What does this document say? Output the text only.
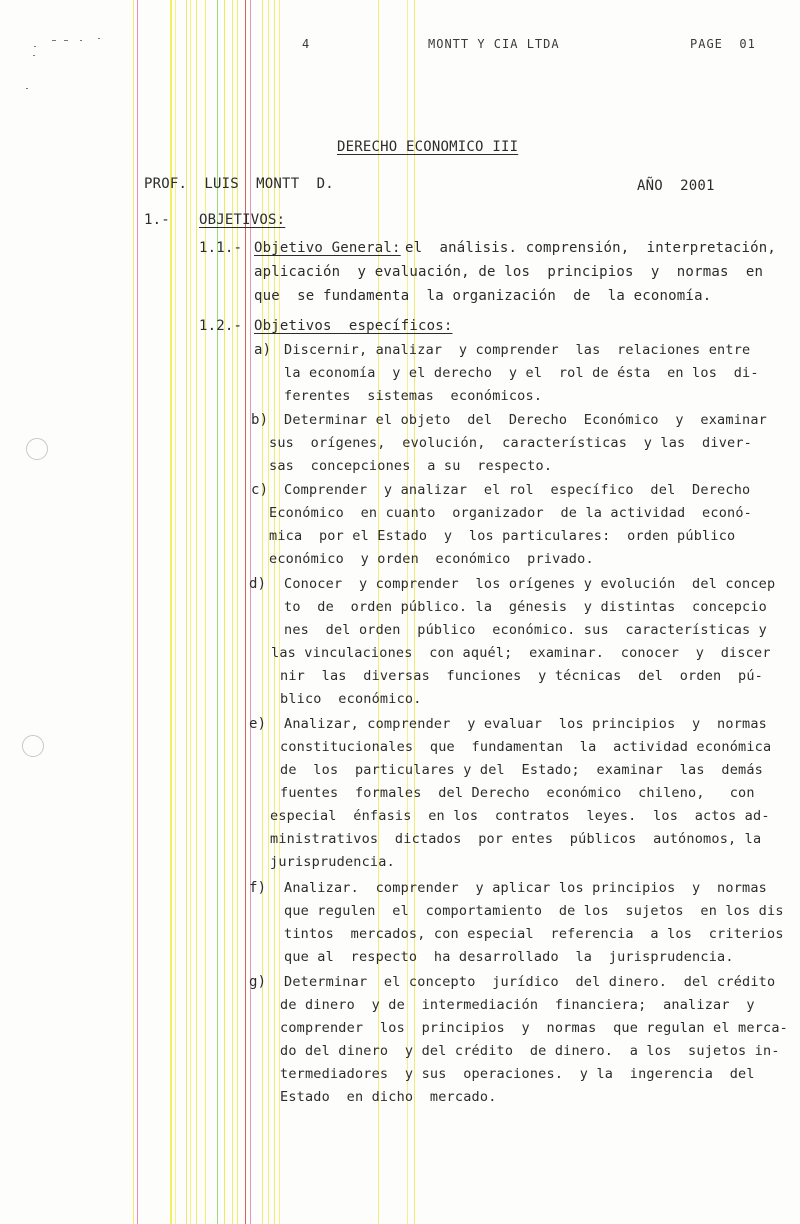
4	MONTT Y CIA LTDA	PAGE  01
DERECHO ECONOMICO III
PROF.  LUIS  MONTT  D.	AÑO  2001
1.- OBJETIVOS:
1.1.- Objetivo General: el  análisis. comprensión,  interpretación,
aplicación  y evaluación, de los  principios  y  normas  en
que  se fundamenta  la organización  de  la economía.
1.2.- Objetivos  específicos:
a) Discernir, analizar  y comprender  las  relaciones entre
la economía  y el derecho  y el  rol de ésta  en los  di-
ferentes  sistemas  económicos.
b) Determinar el objeto  del  Derecho  Económico  y  examinar
sus  orígenes,  evolución,  características  y las  diver-
sas  concepciones  a su  respecto.
c) Comprender  y analizar  el rol  específico  del  Derecho
Económico  en cuanto  organizador  de la actividad  econó-
mica  por el Estado  y  los particulares:  orden público
económico  y orden  económico  privado.
d) Conocer  y comprender  los orígenes y evolución  del concep
to  de  orden público. la  génesis  y distintas  concepcio
nes  del orden  público  económico. sus  características y
las vinculaciones  con aquél;  examinar.  conocer  y  discer
nir  las  diversas  funciones  y técnicas  del  orden  pú-
blico  económico.
e) Analizar, comprender  y evaluar  los principios  y  normas
constitucionales  que  fundamentan  la  actividad económica
de  los  particulares y del  Estado;  examinar  las  demás
fuentes  formales  del Derecho  económico  chileno,   con
especial  énfasis  en los  contratos  leyes.  los  actos ad-
ministrativos  dictados  por entes  públicos  autónomos, la
jurisprudencia.
f) Analizar.  comprender  y aplicar los principios  y  normas
que regulen  el  comportamiento  de los  sujetos  en los dis
tintos  mercados, con especial  referencia  a los  criterios
que al  respecto  ha desarrollado  la  jurisprudencia.
g) Determinar  el concepto  jurídico  del dinero.  del crédito
de dinero  y de  intermediación  financiera;  analizar  y
comprender  los  principios  y  normas  que regulan el merca-
do del dinero  y del crédito  de dinero.  a los  sujetos in-
termediadores  y sus  operaciones.  y la  ingerencia  del
Estado  en dicho  mercado.
